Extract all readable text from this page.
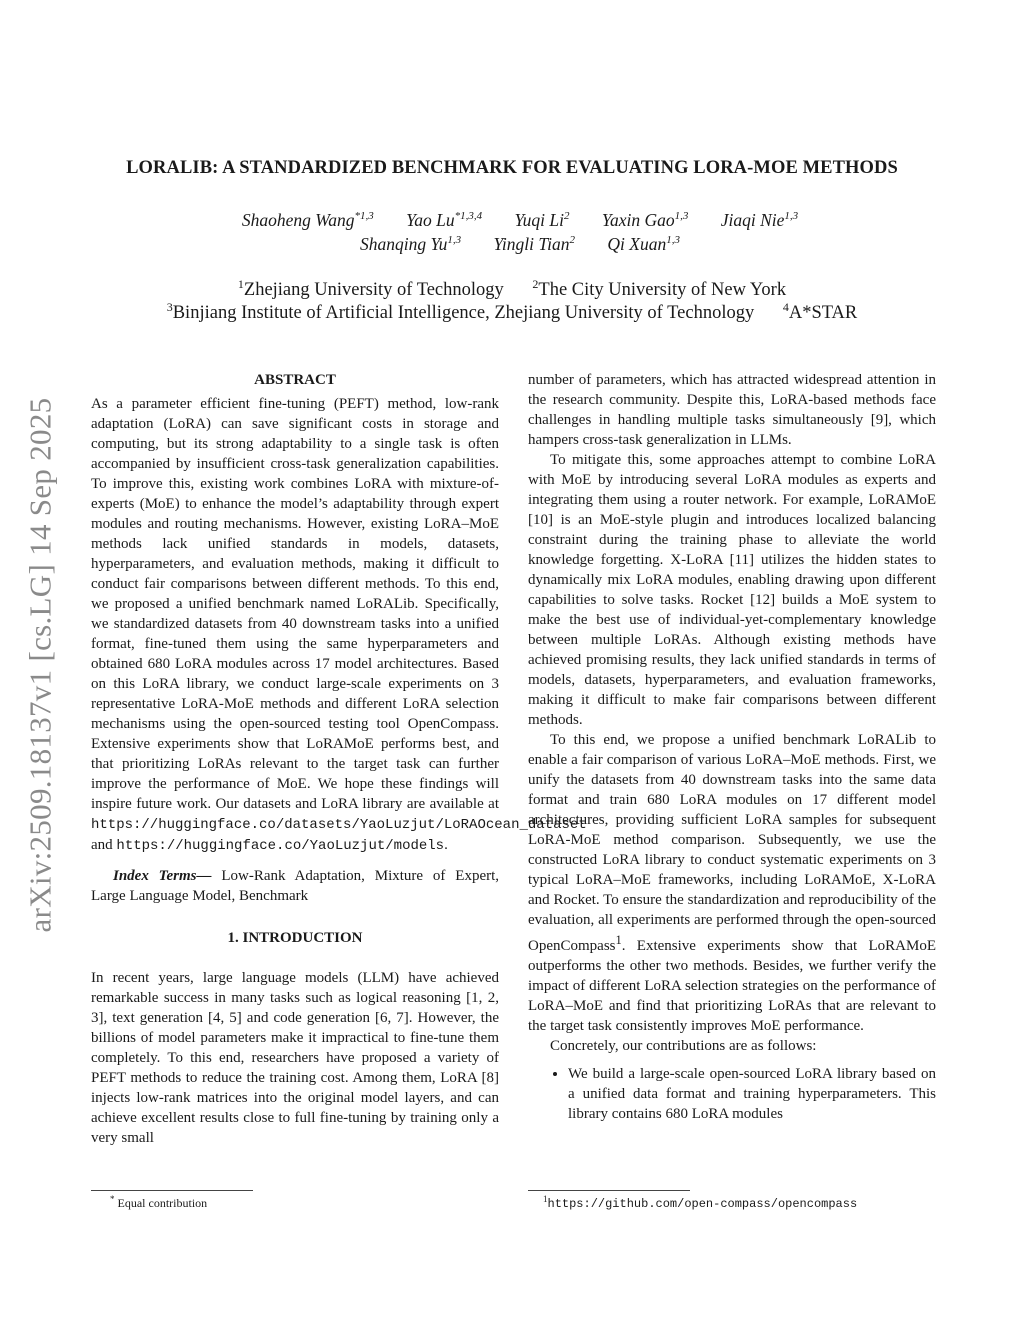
arXiv:2509.18137v1 [cs.LG] 14 Sep 2025
LORALIB: A STANDARDIZED BENCHMARK FOR EVALUATING LORA-MOE METHODS
Shaoheng Wang$^{*1,3}$ Yao Lu$^{*1,3,4}$ Yuqi Li$^2$ Yaxin Gao$^{1,3}$ Jiaqi Nie$^{1,3}$
Shanqing Yu$^{1,3}$ Yingli Tian$^2$ Qi Xuan$^{1,3}$
$^1$Zhejiang University of Technology $^2$The City University of New York
$^3$Binjiang Institute of Artificial Intelligence, Zhejiang University of Technology $^4$A*STAR
ABSTRACT

As a parameter efficient fine-tuning (PEFT) method, low-rank adaptation (LoRA) can save significant costs in storage and computing, but its strong adaptability to a single task is often accompanied by insufficient cross-task generalization capabilities. To improve this, existing work combines LoRA with mixture-of-experts (MoE) to enhance the model’s adaptability through expert modules and routing mechanisms. However, existing LoRA–MoE methods lack unified standards in models, datasets, hyperparameters, and evaluation methods, making it difficult to conduct fair comparisons between different methods. To this end, we proposed a unified benchmark named LoRALib. Specifically, we standardized datasets from 40 downstream tasks into a unified format, fine-tuned them using the same hyperparameters and obtained 680 LoRA modules across 17 model architectures. Based on this LoRA library, we conduct large-scale experiments on 3 representative LoRA-MoE methods and different LoRA selection mechanisms using the open-sourced testing tool OpenCompass. Extensive experiments show that LoRAMoE performs best, and that prioritizing LoRAs relevant to the target task can further improve the performance of MoE. We hope these findings will inspire future work. Our datasets and LoRA library are available at https://huggingface.co/datasets/YaoLuzjut/LoRAOcean_dataset and https://huggingface.co/YaoLuzjut/models.

Index Terms— Low-Rank Adaptation, Mixture of Expert, Large Language Model, Benchmark

1. INTRODUCTION

In recent years, large language models (LLM) have achieved remarkable success in many tasks such as logical reasoning [1, 2, 3], text generation [4, 5] and code generation [6, 7]. However, the billions of model parameters make it impractical to fine-tune them completely. To this end, researchers have proposed a variety of PEFT methods to reduce the training cost. Among them, LoRA [8] injects low-rank matrices into the original model layers, and can achieve excellent results close to full fine-tuning by training only a very small

number of parameters, which has attracted widespread attention in the research community. Despite this, LoRA-based methods face challenges in handling multiple tasks simultaneously [9], which hampers cross-task generalization in LLMs.

To mitigate this, some approaches attempt to combine LoRA with MoE by introducing several LoRA modules as experts and integrating them using a router network. For example, LoRAMoE [10] is an MoE-style plugin and introduces localized balancing constraint during the training phase to alleviate the world knowledge forgetting. X-LoRA [11] utilizes the hidden states to dynamically mix LoRA modules, enabling drawing upon different capabilities to solve tasks. Rocket [12] builds a MoE system to make the best use of individual-yet-complementary knowledge between multiple LoRAs. Although existing methods have achieved promising results, they lack unified standards in terms of models, datasets, hyperparameters, and evaluation frameworks, making it difficult to make fair comparisons between different methods.

To this end, we propose a unified benchmark LoRALib to enable a fair comparison of various LoRA–MoE methods. First, we unify the datasets from 40 downstream tasks into the same data format and train 680 LoRA modules on 17 different model architectures, providing sufficient LoRA samples for subsequent LoRA-MoE method comparison. Subsequently, we use the constructed LoRA library to conduct systematic experiments on 3 typical LoRA–MoE frameworks, including LoRAMoE, X-LoRA and Rocket. To ensure the standardization and reproducibility of the evaluation, all experiments are performed through the open-sourced OpenCompass$^1$. Extensive experiments show that LoRAMoE outperforms the other two methods. Besides, we further verify the impact of different LoRA selection strategies on the performance of LoRA–MoE and find that prioritizing LoRAs that are relevant to the target task consistently improves MoE performance.

Concretely, our contributions are as follows:

• We build a large-scale open-sourced LoRA library based on a unified data format and training hyperparameters. This library contains 680 LoRA modules
* Equal contribution	$^1$https://github.com/open-compass/opencompass
